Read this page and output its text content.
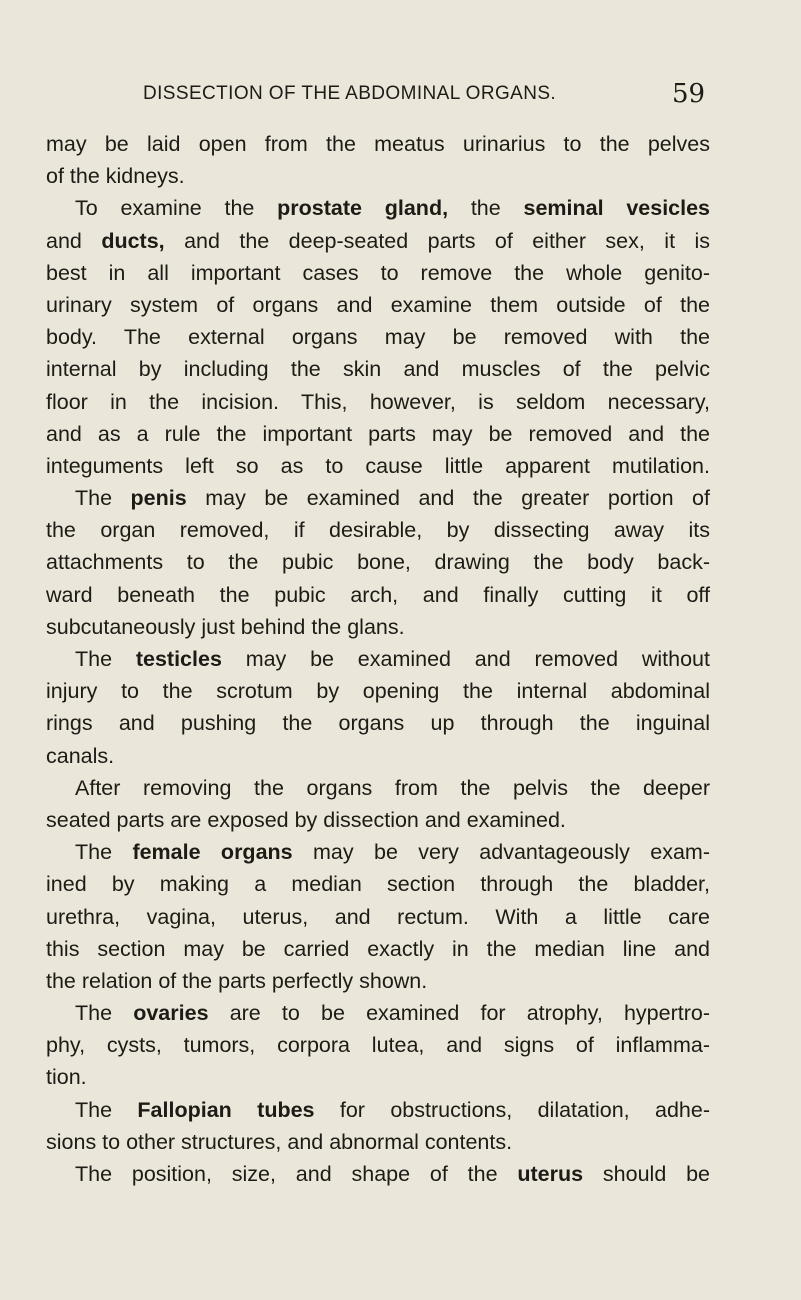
DISSECTION OF THE ABDOMINAL ORGANS.	59
may be laid open from the meatus urinarius to the pelves
of the kidneys.
To examine the prostate gland, the seminal vesicles
and ducts, and the deep-seated parts of either sex, it is
best in all important cases to remove the whole genito-
urinary system of organs and examine them outside of the
body. The external organs may be removed with the
internal by including the skin and muscles of the pelvic
floor in the incision. This, however, is seldom necessary,
and as a rule the important parts may be removed and the
integuments left so as to cause little apparent mutilation.
The penis may be examined and the greater portion of
the organ removed, if desirable, by dissecting away its
attachments to the pubic bone, drawing the body back-
ward beneath the pubic arch, and finally cutting it off
subcutaneously just behind the glans.
The testicles may be examined and removed without
injury to the scrotum by opening the internal abdominal
rings and pushing the organs up through the inguinal
canals.
After removing the organs from the pelvis the deeper
seated parts are exposed by dissection and examined.
The female organs may be very advantageously exam-
ined by making a median section through the bladder,
urethra, vagina, uterus, and rectum. With a little care
this section may be carried exactly in the median line and
the relation of the parts perfectly shown.
The ovaries are to be examined for atrophy, hypertro-
phy, cysts, tumors, corpora lutea, and signs of inflamma-
tion.
The Fallopian tubes for obstructions, dilatation, adhe-
sions to other structures, and abnormal contents.
The position, size, and shape of the uterus should be
